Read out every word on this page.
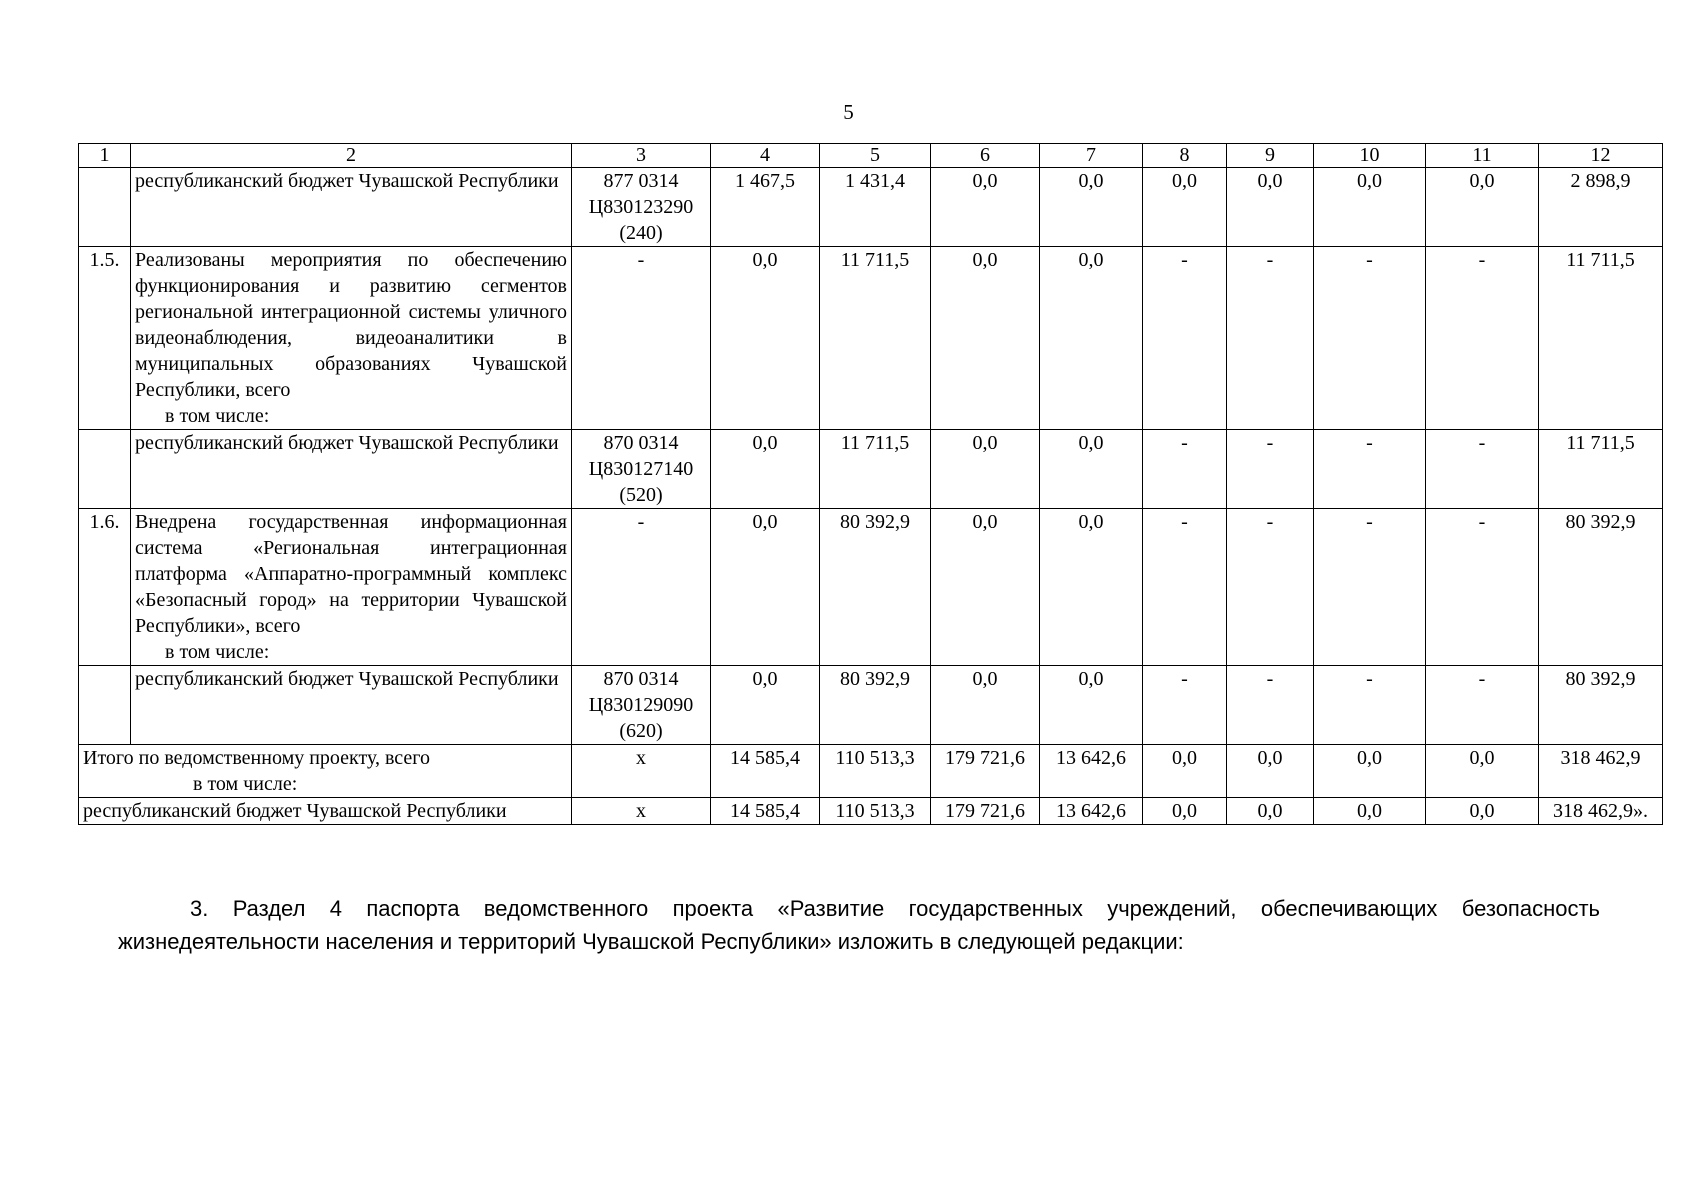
5
1	2	3	4	5	6	7	8	9	10	11	12
	республиканский бюджет Чувашской Республики	877 0314
Ц830123290
(240)	1 467,5	1 431,4	0,0	0,0	0,0	0,0	0,0	0,0	2 898,9
1.5.	Реализованы мероприятия по обеспечению функционирования и развитию сегментов региональной интеграционной системы уличного видеонаблюдения, видеоаналитики в муниципальных образованиях Чувашской Республики, всего
в том числе:	-	0,0	11 711,5	0,0	0,0	-	-	-	-	11 711,5
	республиканский бюджет Чувашской Республики	870 0314
Ц830127140
(520)	0,0	11 711,5	0,0	0,0	-	-	-	-	11 711,5
1.6.	Внедрена государственная информационная система «Региональная интеграционная платформа «Аппаратно-программный комплекс «Безопасный город» на территории Чувашской Республики», всего
в том числе:	-	0,0	80 392,9	0,0	0,0	-	-	-	-	80 392,9
	республиканский бюджет Чувашской Республики	870 0314
Ц830129090
(620)	0,0	80 392,9	0,0	0,0	-	-	-	-	80 392,9
Итого по ведомственному проекту, всего
в том числе:		x	14 585,4	110 513,3	179 721,6	13 642,6	0,0	0,0	0,0	0,0	318 462,9
республиканский бюджет Чувашской Республики		x	14 585,4	110 513,3	179 721,6	13 642,6	0,0	0,0	0,0	0,0	318 462,9».
3. Раздел 4 паспорта ведомственного проекта «Развитие государственных учреждений, обеспечивающих безопасность жизнедеятельности населения и территорий Чувашской Республики» изложить в следующей редакции:
